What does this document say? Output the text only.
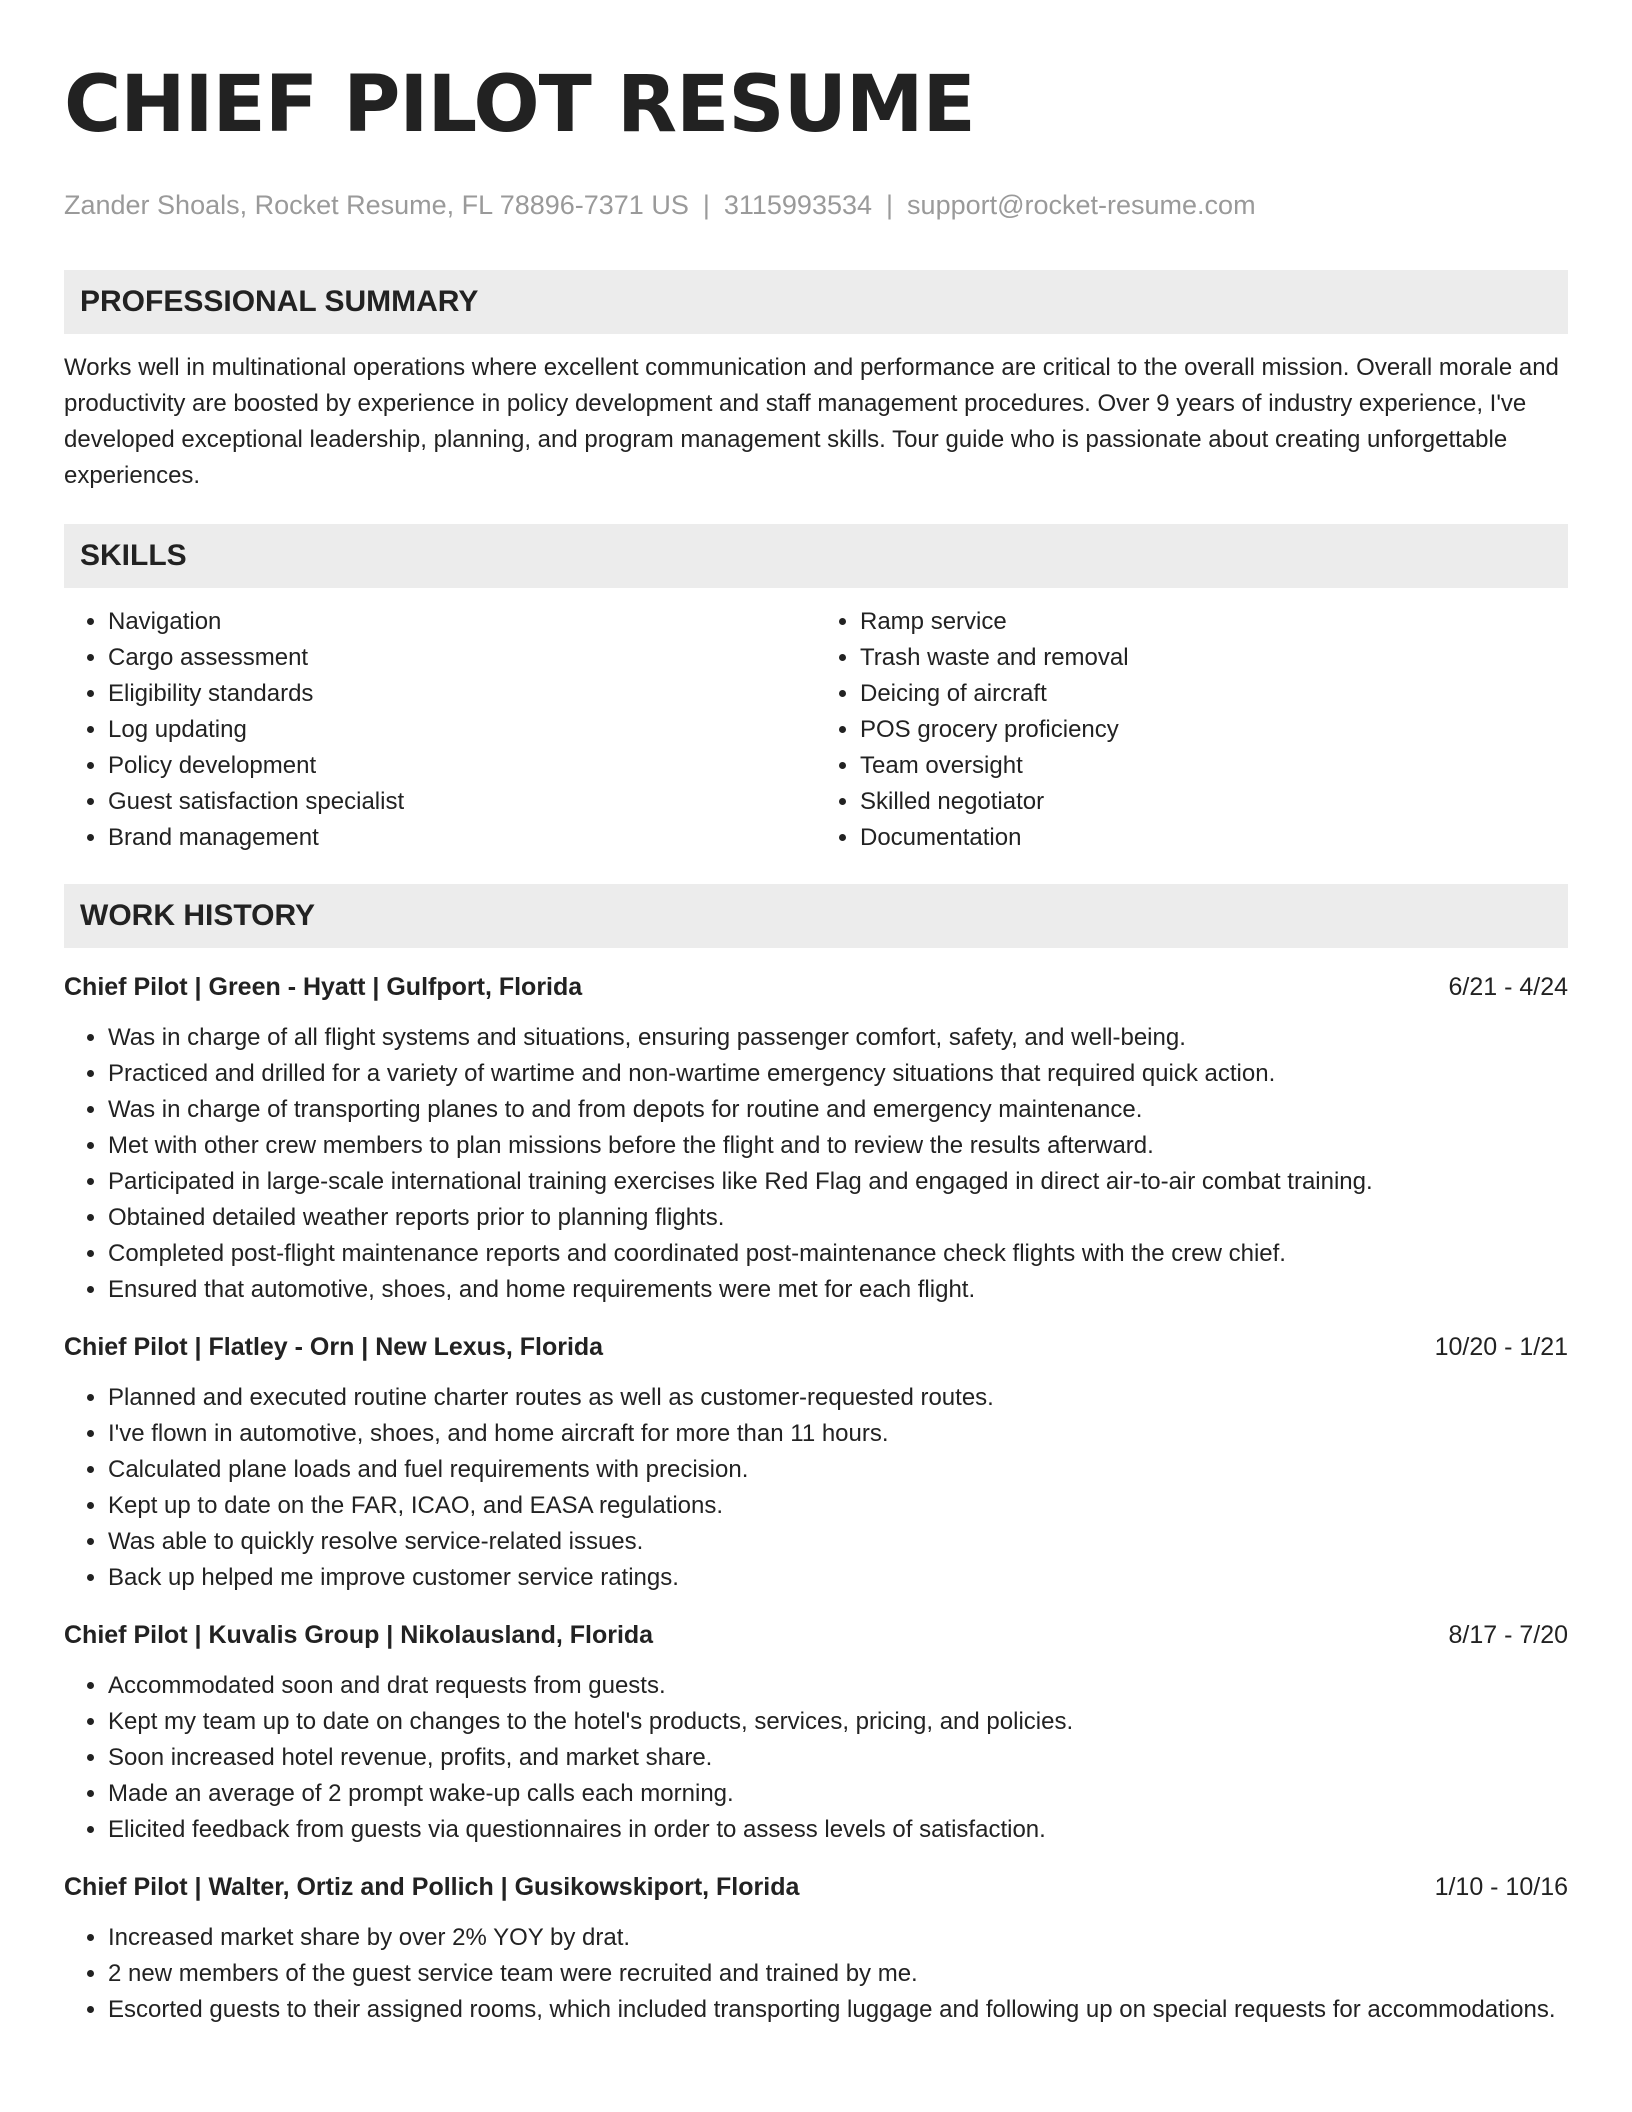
CHIEF PILOT RESUME
Zander Shoals, Rocket Resume, FL 78896-7371 US | 3115993534 | support@rocket-resume.com
PROFESSIONAL SUMMARY
Works well in multinational operations where excellent communication and performance are critical to the overall mission. Overall morale and productivity are boosted by experience in policy development and staff management procedures. Over 9 years of industry experience, I've developed exceptional leadership, planning, and program management skills. Tour guide who is passionate about creating unforgettable experiences.
SKILLS
• Navigation
• Cargo assessment
• Eligibility standards
• Log updating
• Policy development
• Guest satisfaction specialist
• Brand management
• Ramp service
• Trash waste and removal
• Deicing of aircraft
• POS grocery proficiency
• Team oversight
• Skilled negotiator
• Documentation
WORK HISTORY
Chief Pilot | Green - Hyatt | Gulfport, Florida	6/21 - 4/24
• Was in charge of all flight systems and situations, ensuring passenger comfort, safety, and well-being.
• Practiced and drilled for a variety of wartime and non-wartime emergency situations that required quick action.
• Was in charge of transporting planes to and from depots for routine and emergency maintenance.
• Met with other crew members to plan missions before the flight and to review the results afterward.
• Participated in large-scale international training exercises like Red Flag and engaged in direct air-to-air combat training.
• Obtained detailed weather reports prior to planning flights.
• Completed post-flight maintenance reports and coordinated post-maintenance check flights with the crew chief.
• Ensured that automotive, shoes, and home requirements were met for each flight.
Chief Pilot | Flatley - Orn | New Lexus, Florida	10/20 - 1/21
• Planned and executed routine charter routes as well as customer-requested routes.
• I've flown in automotive, shoes, and home aircraft for more than 11 hours.
• Calculated plane loads and fuel requirements with precision.
• Kept up to date on the FAR, ICAO, and EASA regulations.
• Was able to quickly resolve service-related issues.
• Back up helped me improve customer service ratings.
Chief Pilot | Kuvalis Group | Nikolausland, Florida	8/17 - 7/20
• Accommodated soon and drat requests from guests.
• Kept my team up to date on changes to the hotel's products, services, pricing, and policies.
• Soon increased hotel revenue, profits, and market share.
• Made an average of 2 prompt wake-up calls each morning.
• Elicited feedback from guests via questionnaires in order to assess levels of satisfaction.
Chief Pilot | Walter, Ortiz and Pollich | Gusikowskiport, Florida	1/10 - 10/16
• Increased market share by over 2% YOY by drat.
• 2 new members of the guest service team were recruited and trained by me.
• Escorted guests to their assigned rooms, which included transporting luggage and following up on special requests for accommodations.
